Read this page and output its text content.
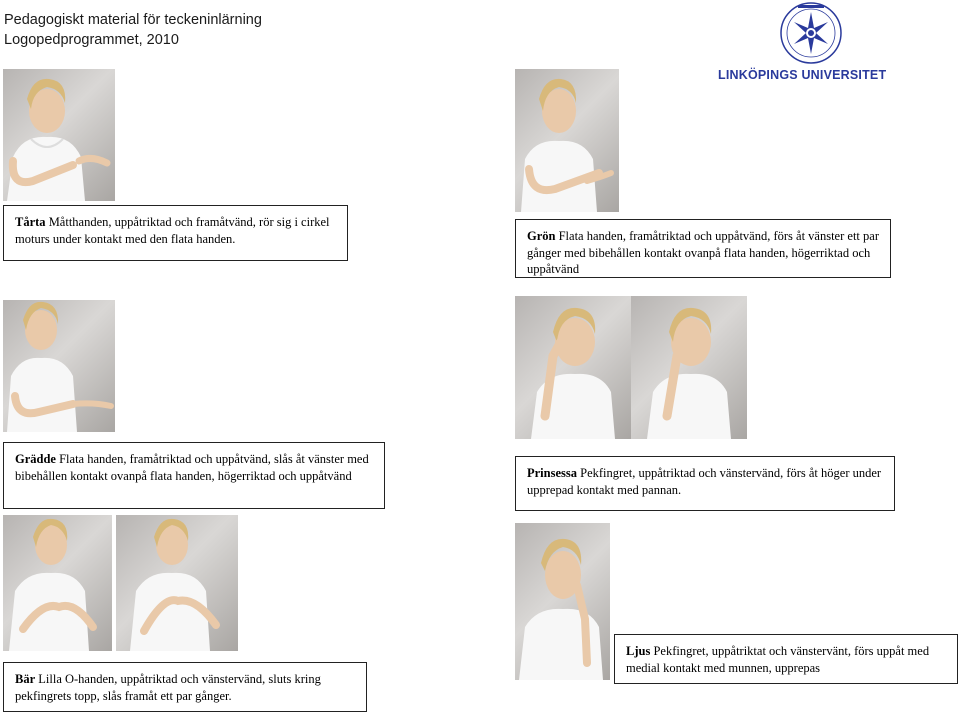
Pedagogiskt material för teckeninlärning
Logopedprogrammet, 2010
LINKÖPINGS UNIVERSITET
Tårta Måtthanden, uppåtriktad och framåtvänd, rör sig i cirkel moturs under kontakt med den flata handen.	Grön Flata handen, framåtriktad och uppåtvänd, förs åt vänster ett par gånger med bibehållen kontakt ovanpå flata handen, högerriktad och uppåtvänd
Grädde Flata handen, framåtriktad och uppåtvänd, slås åt vänster med bibehållen kontakt ovanpå flata handen, högerriktad och uppåtvänd	Prinsessa Pekfingret, uppåtriktad och vänstervänd, förs åt höger under upprepad kontakt med pannan.
Bär Lilla O-handen, uppåtriktad och vänstervänd, sluts kring pekfingrets topp, slås framåt ett par gånger.
Ljus Pekfingret, uppåtriktat och vänstervänt, förs uppåt med medial kontakt med munnen, upprepas
